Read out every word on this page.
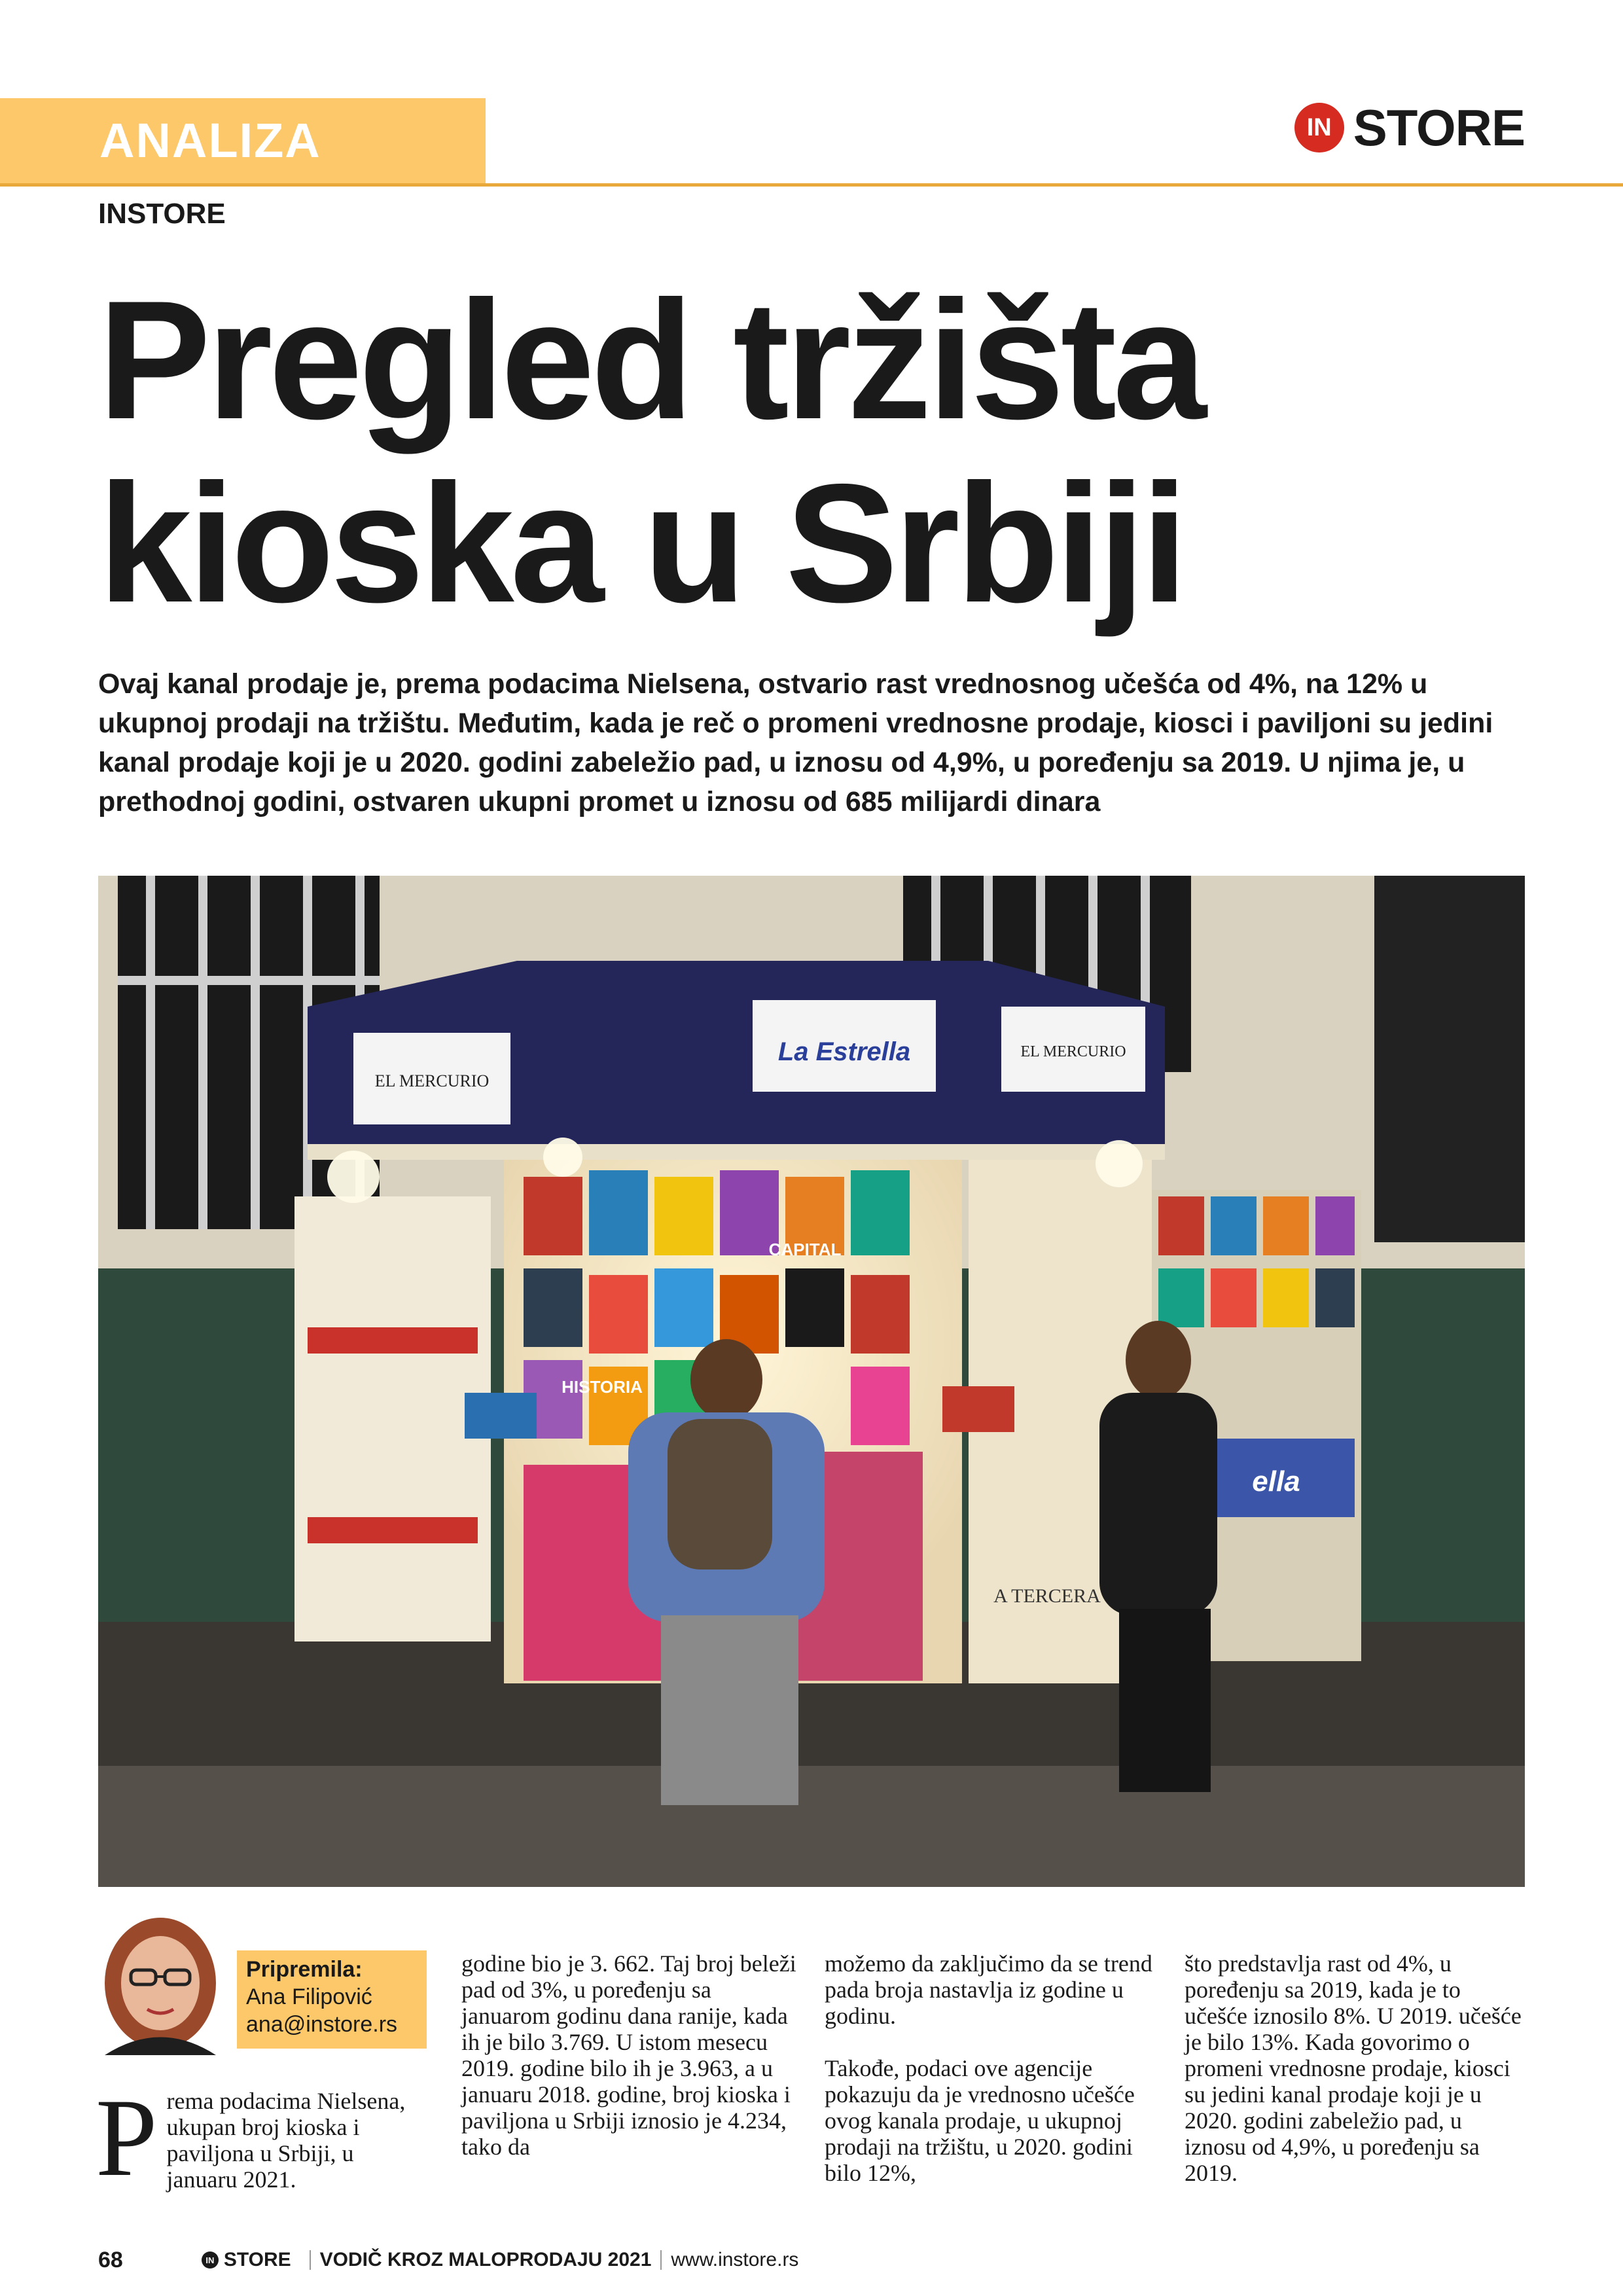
ANALIZA	IN STORE
INSTORE
Pregled tržišta
kioska u Srbiji
Ovaj kanal prodaje je, prema podacima Nielsena, ostvario rast vrednosnog učešća od 4%, na 12% u ukupnoj prodaji na tržištu. Međutim, kada je reč o promeni vrednosne prodaje, kiosci i paviljoni su jedini kanal prodaje koji je u 2020. godini zabeležio pad, u iznosu od 4,9%, u poređenju sa 2019. U njima je, u prethodnoj godini, ostvaren ukupni promet u iznosu od 685 milijardi dinara
La Estrella
EL MERCURIO
EL MERCURIO
CAPITAL
HISTORIA
ella
A TERCERA
Pripremila:
Ana Filipović
ana@instore.rs
P rema podacima Nielsena, ukupan broj kioska i paviljona u Srbiji, u januaru 2021.

godine bio je 3. 662. Taj broj beleži pad od 3%, u poređenju sa januarom godinu dana ranije, kada ih je bilo 3.769. U istom mesecu 2019. godine bilo ih je 3.963, a u januaru 2018. godine, broj kioska i paviljona u Srbiji iznosio je 4.234, tako da

možemo da zaključimo da se trend pada broja nastavlja iz godine u godinu.

Takođe, podaci ove agencije pokazuju da je vrednosno učešće ovog kanala prodaje, u ukupnoj prodaji na tržištu, u 2020. godini bilo 12%,

što predstavlja rast od 4%, u poređenju sa 2019, kada je to učešće iznosilo 8%. U 2019. učešće je bilo 13%. Kada govorimo o promeni vrednosne prodaje, kiosci su jedini kanal prodaje koji je u 2020. godini zabeležio pad, u iznosu od 4,9%, u poređenju sa 2019.

68	IN STORE VODIČ KROZ MALOPRODAJU 2021 www.instore.rs
